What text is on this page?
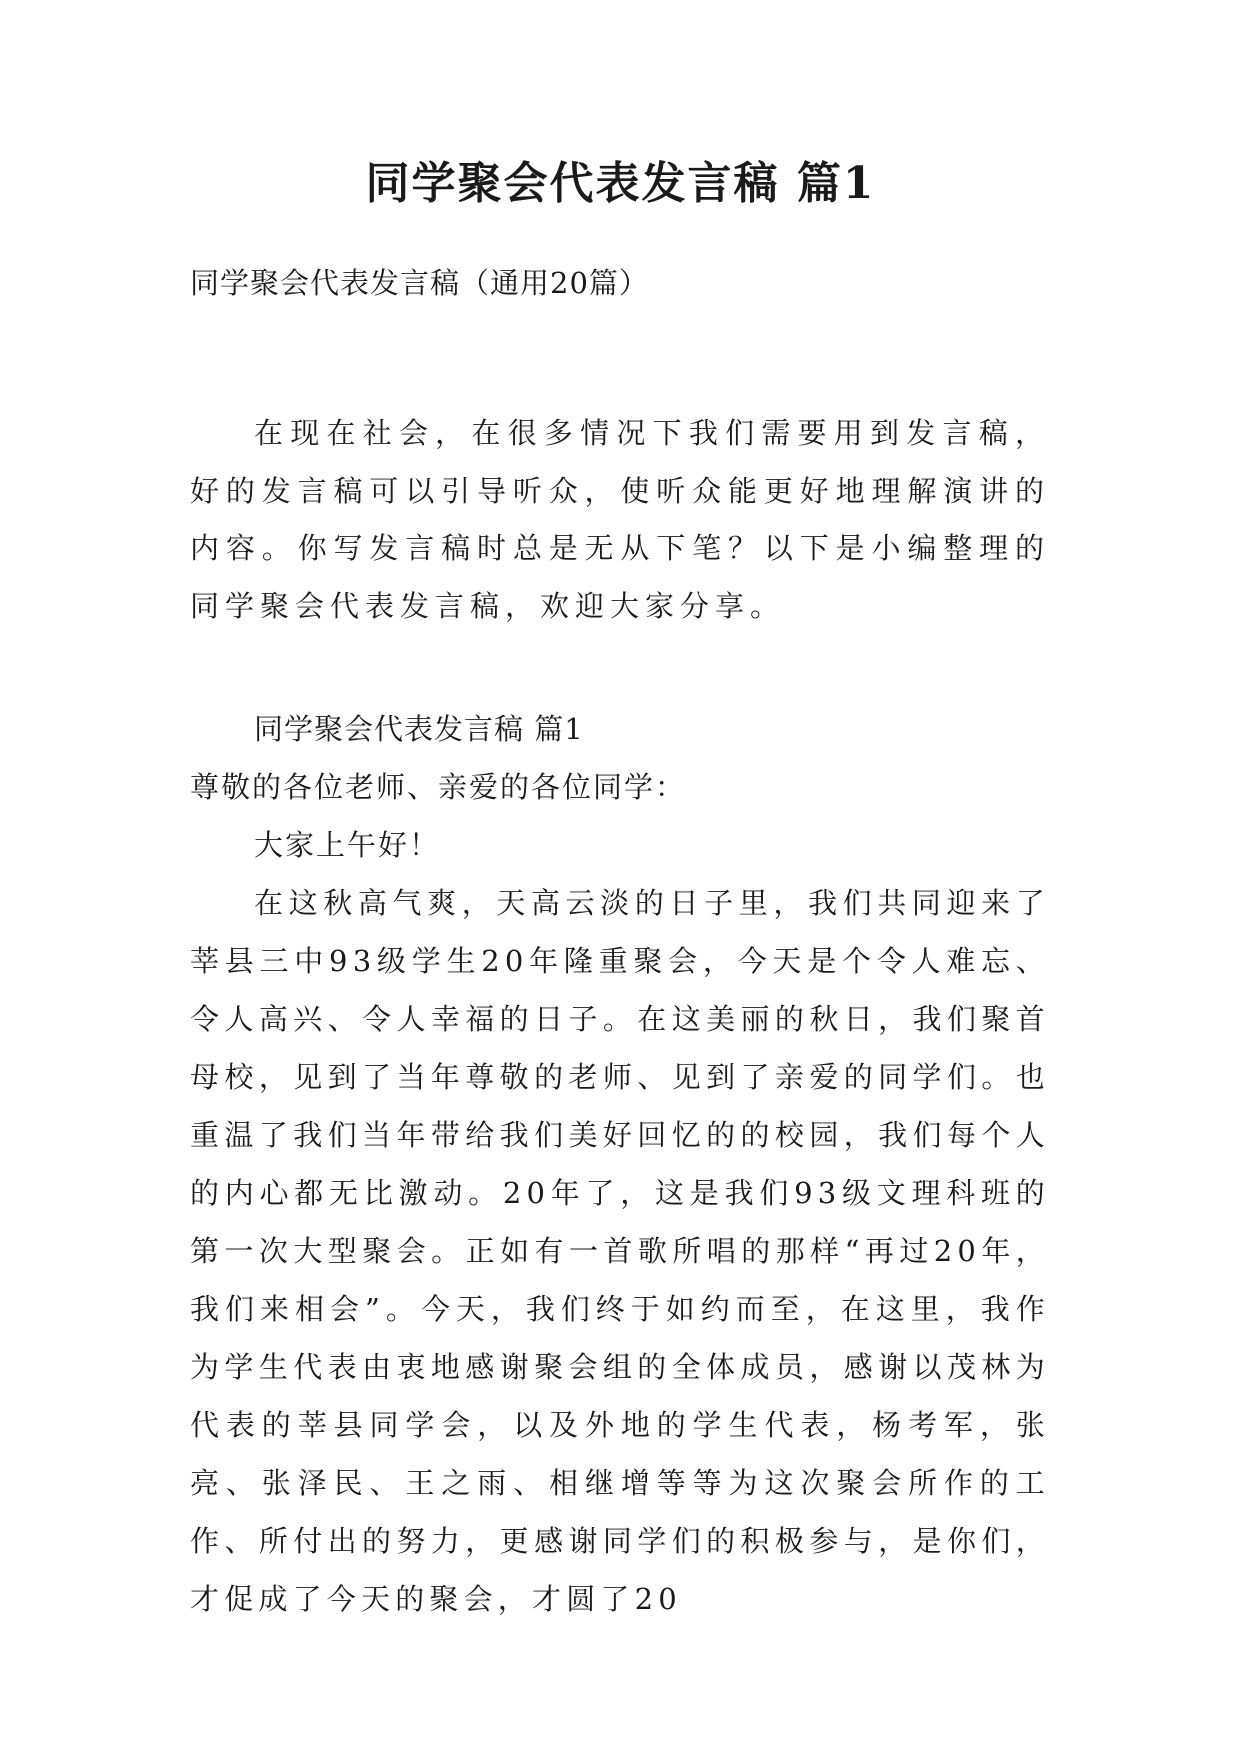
同学聚会代表发言稿 篇1

同学聚会代表发言稿（通用20篇）

在现在社会，在很多情况下我们需要用到发言稿，好的发言稿可以引导听众，使听众能更好地理解演讲的内容。你写发言稿时总是无从下笔？以下是小编整理的同学聚会代表发言稿，欢迎大家分享。

同学聚会代表发言稿 篇1

尊敬的各位老师、亲爱的各位同学：

大家上午好！

在这秋高气爽，天高云淡的日子里，我们共同迎来了莘县三中93级学生20年隆重聚会，今天是个令人难忘、令人高兴、令人幸福的日子。在这美丽的秋日，我们聚首母校，见到了当年尊敬的老师、见到了亲爱的同学们。也重温了我们当年带给我们美好回忆的的校园，我们每个人的内心都无比激动。20年了，这是我们93级文理科班的第一次大型聚会。正如有一首歌所唱的那样“再过20年，我们来相会”。今天，我们终于如约而至，在这里，我作为学生代表由衷地感谢聚会组的全体成员，感谢以茂林为代表的莘县同学会，以及外地的学生代表，杨考军，张亮、张泽民、王之雨、相继增等等为这次聚会所作的工作、所付出的努力，更感谢同学们的积极参与，是你们，才促成了今天的聚会，才圆了20
